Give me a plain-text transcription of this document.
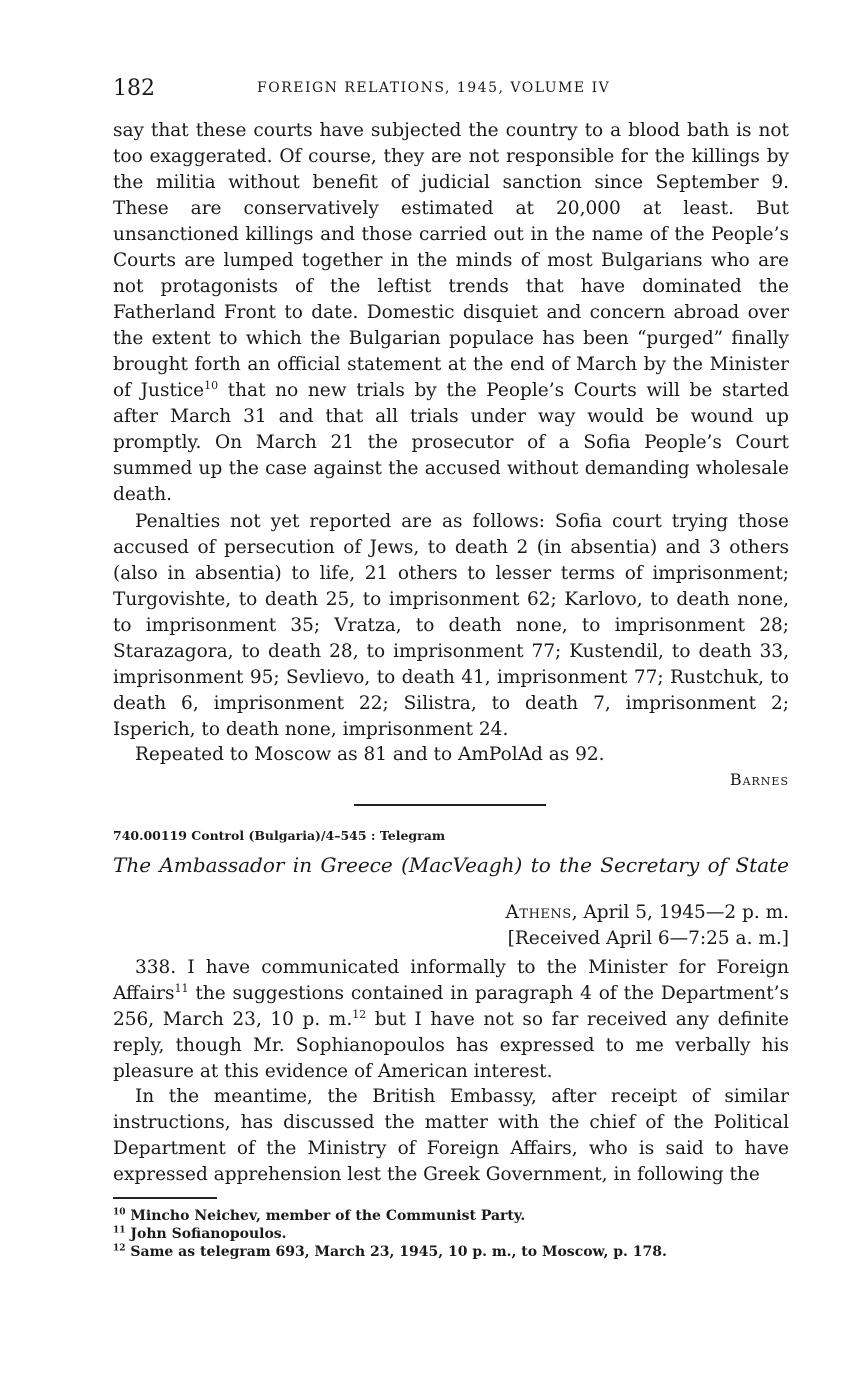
182	FOREIGN RELATIONS, 1945, VOLUME IV

say that these courts have subjected the country to a blood bath is not too exaggerated. Of course, they are not responsible for the killings by the militia without benefit of judicial sanction since September 9. These are conservatively estimated at 20,000 at least. But unsanctioned killings and those carried out in the name of the People’s Courts are lumped together in the minds of most Bulgarians who are not protagonists of the leftist trends that have dominated the Fatherland Front to date. Domestic disquiet and concern abroad over the extent to which the Bulgarian populace has been “purged” finally brought forth an official statement at the end of March by the Minister of Justice$^{10}$ that no new trials by the People’s Courts will be started after March 31 and that all trials under way would be wound up promptly. On March 21 the prosecutor of a Sofia People’s Court summed up the case against the accused without demanding wholesale death.

Penalties not yet reported are as follows: Sofia court trying those accused of persecution of Jews, to death 2 (in absentia) and 3 others (also in absentia) to life, 21 others to lesser terms of imprisonment; Turgovishte, to death 25, to imprisonment 62; Karlovo, to death none, to imprisonment 35; Vratza, to death none, to imprisonment 28; Starazagora, to death 28, to imprisonment 77; Kustendil, to death 33, imprisonment 95; Sevlievo, to death 41, imprisonment 77; Rustchuk, to death 6, imprisonment 22; Silistra, to death 7, imprisonment 2; Isperich, to death none, imprisonment 24.

Repeated to Moscow as 81 and to AmPolAd as 92.

Barnes
740.00119 Control (Bulgaria)/4–545 : Telegram
The Ambassador in Greece (MacVeagh) to the Secretary of State
Athens, April 5, 1945—2 p. m.
[Received April 6—7:25 a. m.]

338. I have communicated informally to the Minister for Foreign Affairs$^{11}$ the suggestions contained in paragraph 4 of the Department’s 256, March 23, 10 p. m.$^{12}$ but I have not so far received any definite reply, though Mr. Sophianopoulos has expressed to me verbally his pleasure at this evidence of American interest.

In the meantime, the British Embassy, after receipt of similar instructions, has discussed the matter with the chief of the Political Department of the Ministry of Foreign Affairs, who is said to have expressed apprehension lest the Greek Government, in following the

$^{10}$ Mincho Neichev, member of the Communist Party.

$^{11}$ John Sofianopoulos.

$^{12}$ Same as telegram 693, March 23, 1945, 10 p. m., to Moscow, p. 178.
